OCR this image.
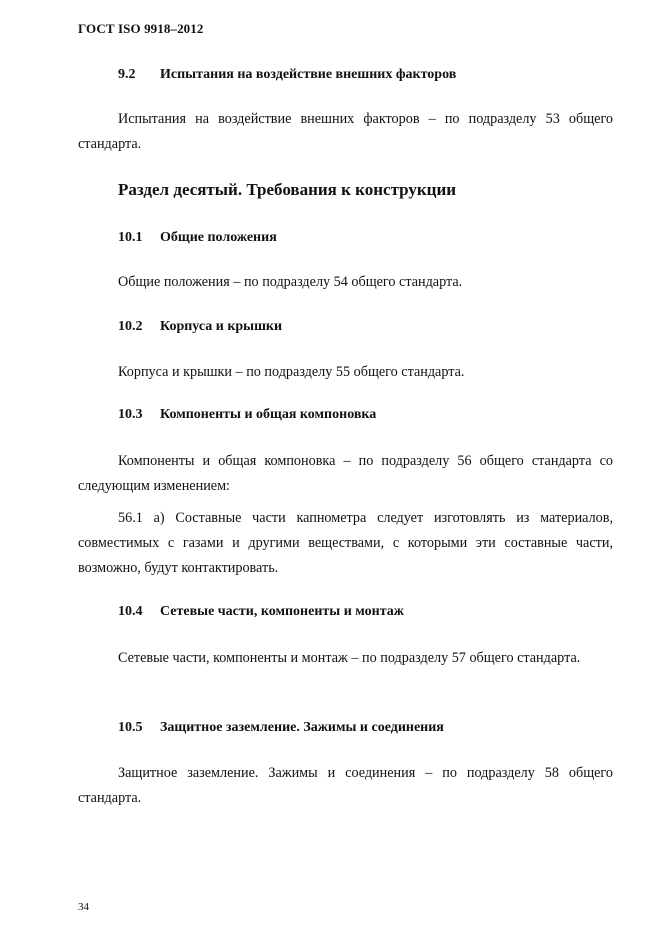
ГОСТ ISO 9918–2012
9.2 Испытания на воздействие внешних факторов
Испытания на воздействие внешних факторов – по подразделу 53 общего стандарта.
Раздел десятый. Требования к конструкции
10.1 Общие положения
Общие положения – по подразделу 54 общего стандарта.
10.2 Корпуса и крышки
Корпуса и крышки – по подразделу 55 общего стандарта.
10.3 Компоненты и общая компоновка
Компоненты и общая компоновка – по подразделу 56 общего стандарта со следующим изменением:
56.1 а) Составные части капнометра следует изготовлять из материалов, совместимых с газами и другими веществами, с которыми эти составные части, возможно, будут контактировать.
10.4 Сетевые части, компоненты и монтаж
Сетевые части, компоненты и монтаж – по подразделу 57 общего стандарта.
10.5 Защитное заземление. Зажимы и соединения
Защитное заземление. Зажимы и соединения – по подразделу 58 общего стандарта.
34
